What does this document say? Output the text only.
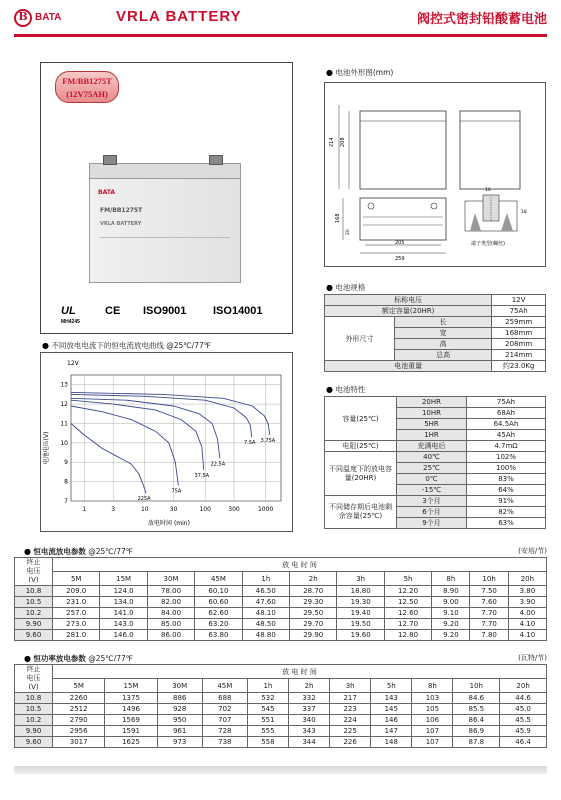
B BATA	VRLA BATTERY	阀控式密封铅酸蓄电池
FM/BB1275T
(12V75AH)
BATA
FM/BB1275T
VRLA BATTERY
UL
MH4245
CE ISO9001 ISO14001
● 电池外形图(mm)
214 208
168
20
205
259
16
18
端子类型(螺丝)
● 电池规格
标称电压		12V
额定容量(20HR)		75Ah
外形尺寸	长	259mm
	宽	168mm
	高	208mm
	总高	214mm
电池重量		约23.0Kg
● 电池特性
容量(25℃)	20HR	75Ah
	10HR	68Ah
	5HR	64.5Ah
	1HR	45Ah
电阻(25℃)	充满电后	4.7mΩ
不同温度下的放电容量(20HR)	40℃	102%
	25℃	100%
	0℃	83%
	-15℃	64%
不同储存期后电池剩余容量(25℃)	3个月	91%
	6个月	82%
	9个月	63%
● 不同放电电流下的恒电流放电曲线 @25℃/77℉
7
8
9
10
11
12
13
1	3	10	30	100	300	1000
225A
75A
37.5A
22.5A
7.5A 3.75A
12V
电池电压(V)
放电时间 (min)
● 恒电流放电参数 @25℃/77℉	(安培/节)
终止
电压
(V)	放 电 时 间										
	5M	15M	30M	45M	1h	2h	3h	5h	8h	10h	20h
10.8	209.0	124.0	78.00	60.10	46.50	28.70	18.80	12.20	8.90	7.50	3.80
10.5	231.0	134.0	82.00	60.60	47.60	29.30	19.30	12.50	9.00	7.60	3.90
10.2	257.0	141.0	84.00	62.60	48.10	29.50	19.40	12.60	9.10	7.70	4.00
9.90	273.0	143.0	85.00	63.20	48.50	29.70	19.50	12.70	9.20	7.70	4.10
9.60	281.0	146.0	86.00	63.80	48.80	29.90	19.60	12.80	9.20	7.80	4.10
● 恒功率放电参数 @25℃/77℉	(瓦特/节)
终止
电压
(V)	放 电 时 间										
	5M	15M	30M	45M	1h	2h	3h	5h	8h	10h	20h
10.8	2260	1375	886	688	532	332	217	143	103	84.6	44.6
10.5	2512	1496	928	702	545	337	223	145	105	85.5	45.0
10.2	2790	1569	950	707	551	340	224	146	106	86.4	45.5
9.90	2956	1591	961	728	555	343	225	147	107	86.9	45.9
9.60	3017	1625	973	738	558	344	226	148	107	87.8	46.4
